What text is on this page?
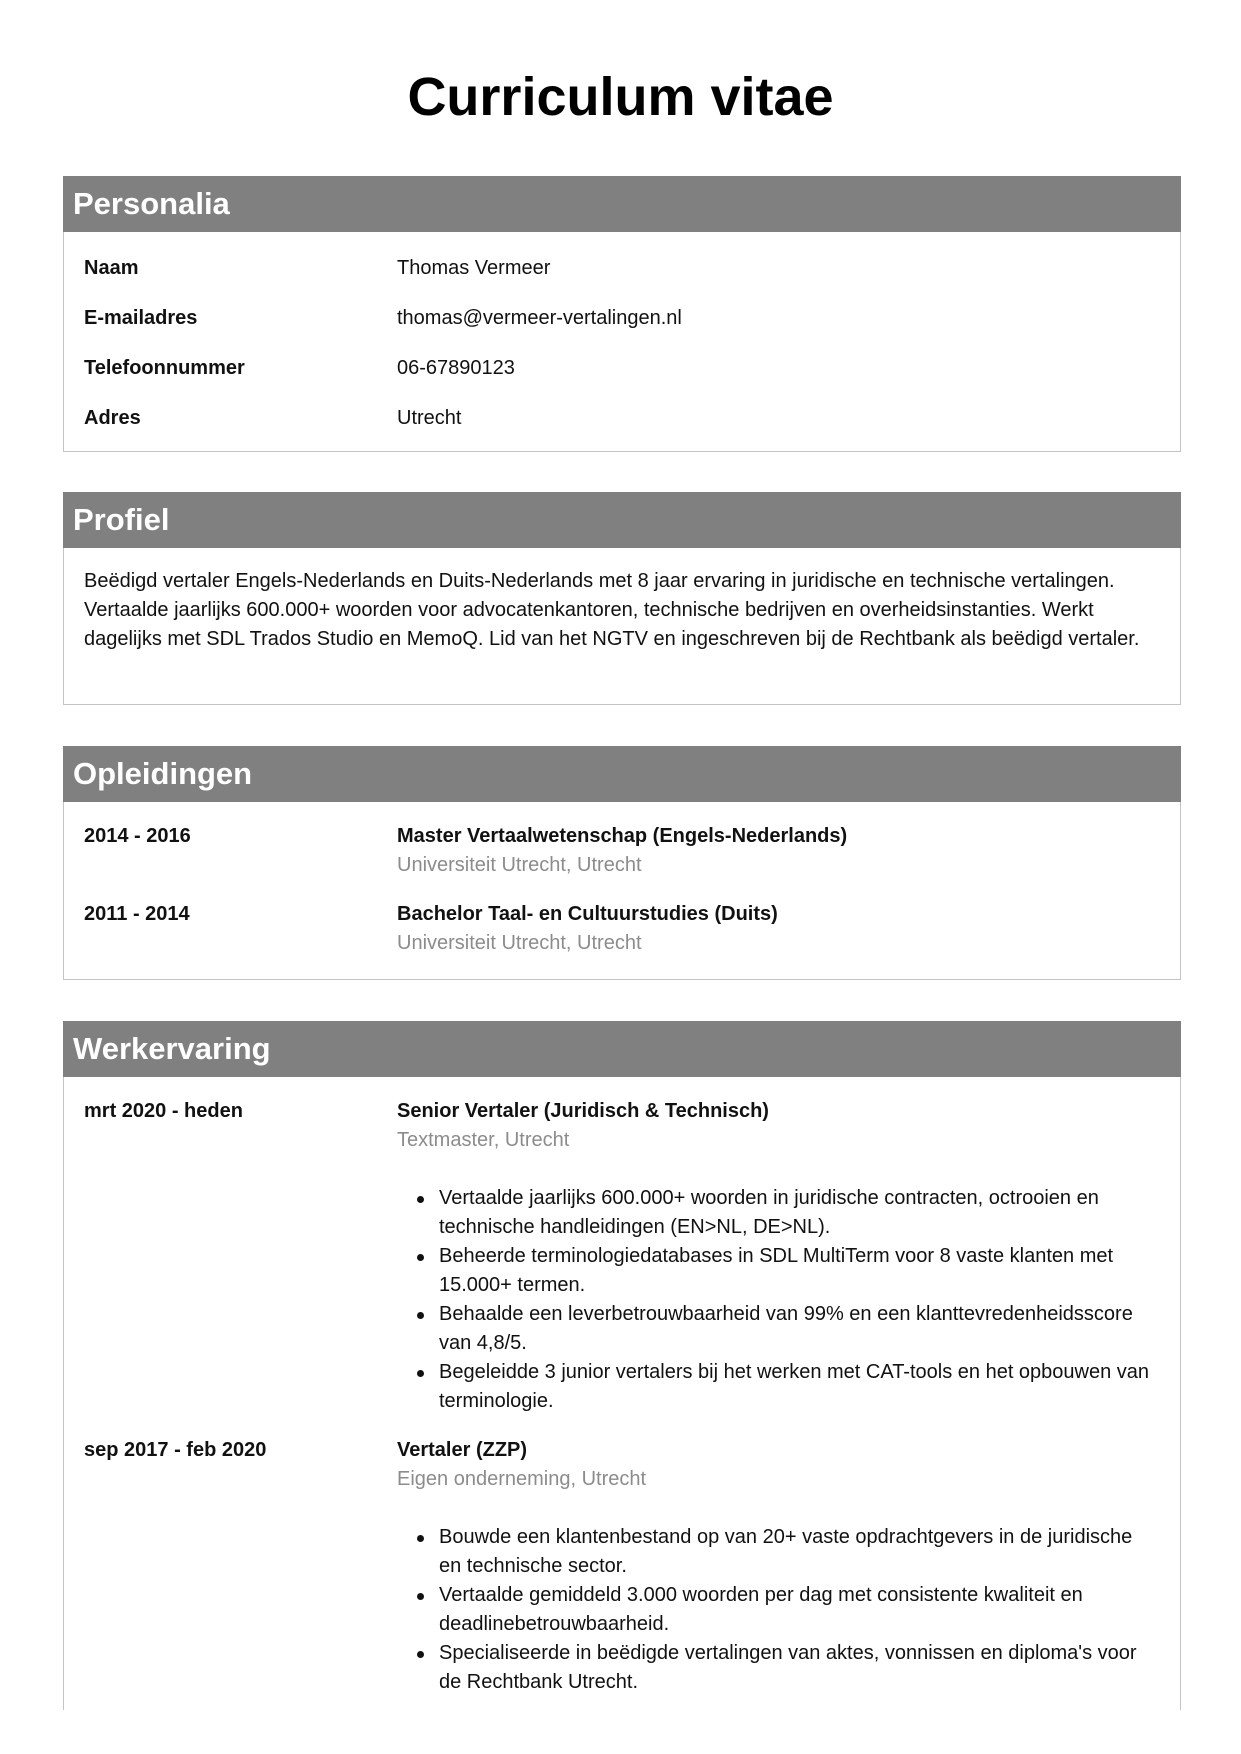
Curriculum vitae
Personalia
Naam	Thomas Vermeer
E-mailadres	thomas@vermeer-vertalingen.nl
Telefoonnummer	06-67890123
Adres	Utrecht
Profiel

Beëdigd vertaler Engels-Nederlands en Duits-Nederlands met 8 jaar ervaring in juridische en technische vertalingen. Vertaalde jaarlijks 600.000+ woorden voor advocatenkantoren, technische bedrijven en overheidsinstanties. Werkt dagelijks met SDL Trados Studio en MemoQ. Lid van het NGTV en ingeschreven bij de Rechtbank als beëdigd vertaler.

Opleidingen
2014 - 2016	Master Vertaalwetenschap (Engels-Nederlands)
Universiteit Utrecht, Utrecht
2011 - 2014	Bachelor Taal- en Cultuurstudies (Duits)
Universiteit Utrecht, Utrecht
Werkervaring
mrt 2020 - heden	Senior Vertaler (Juridisch & Technisch)
Textmaster, Utrecht
Vertaalde jaarlijks 600.000+ woorden in juridische contracten, octrooien en technische handleidingen (EN>NL, DE>NL).
Beheerde terminologiedatabases in SDL MultiTerm voor 8 vaste klanten met 15.000+ termen.
Behaalde een leverbetrouwbaarheid van 99% en een klanttevredenheidsscore van 4,8/5.
Begeleidde 3 junior vertalers bij het werken met CAT-tools en het opbouwen van terminologie.
sep 2017 - feb 2020	Vertaler (ZZP)
Eigen onderneming, Utrecht
Bouwde een klantenbestand op van 20+ vaste opdrachtgevers in de juridische en technische sector.
Vertaalde gemiddeld 3.000 woorden per dag met consistente kwaliteit en deadlinebetrouwbaarheid.
Specialiseerde in beëdigde vertalingen van aktes, vonnissen en diploma's voor de Rechtbank Utrecht.
